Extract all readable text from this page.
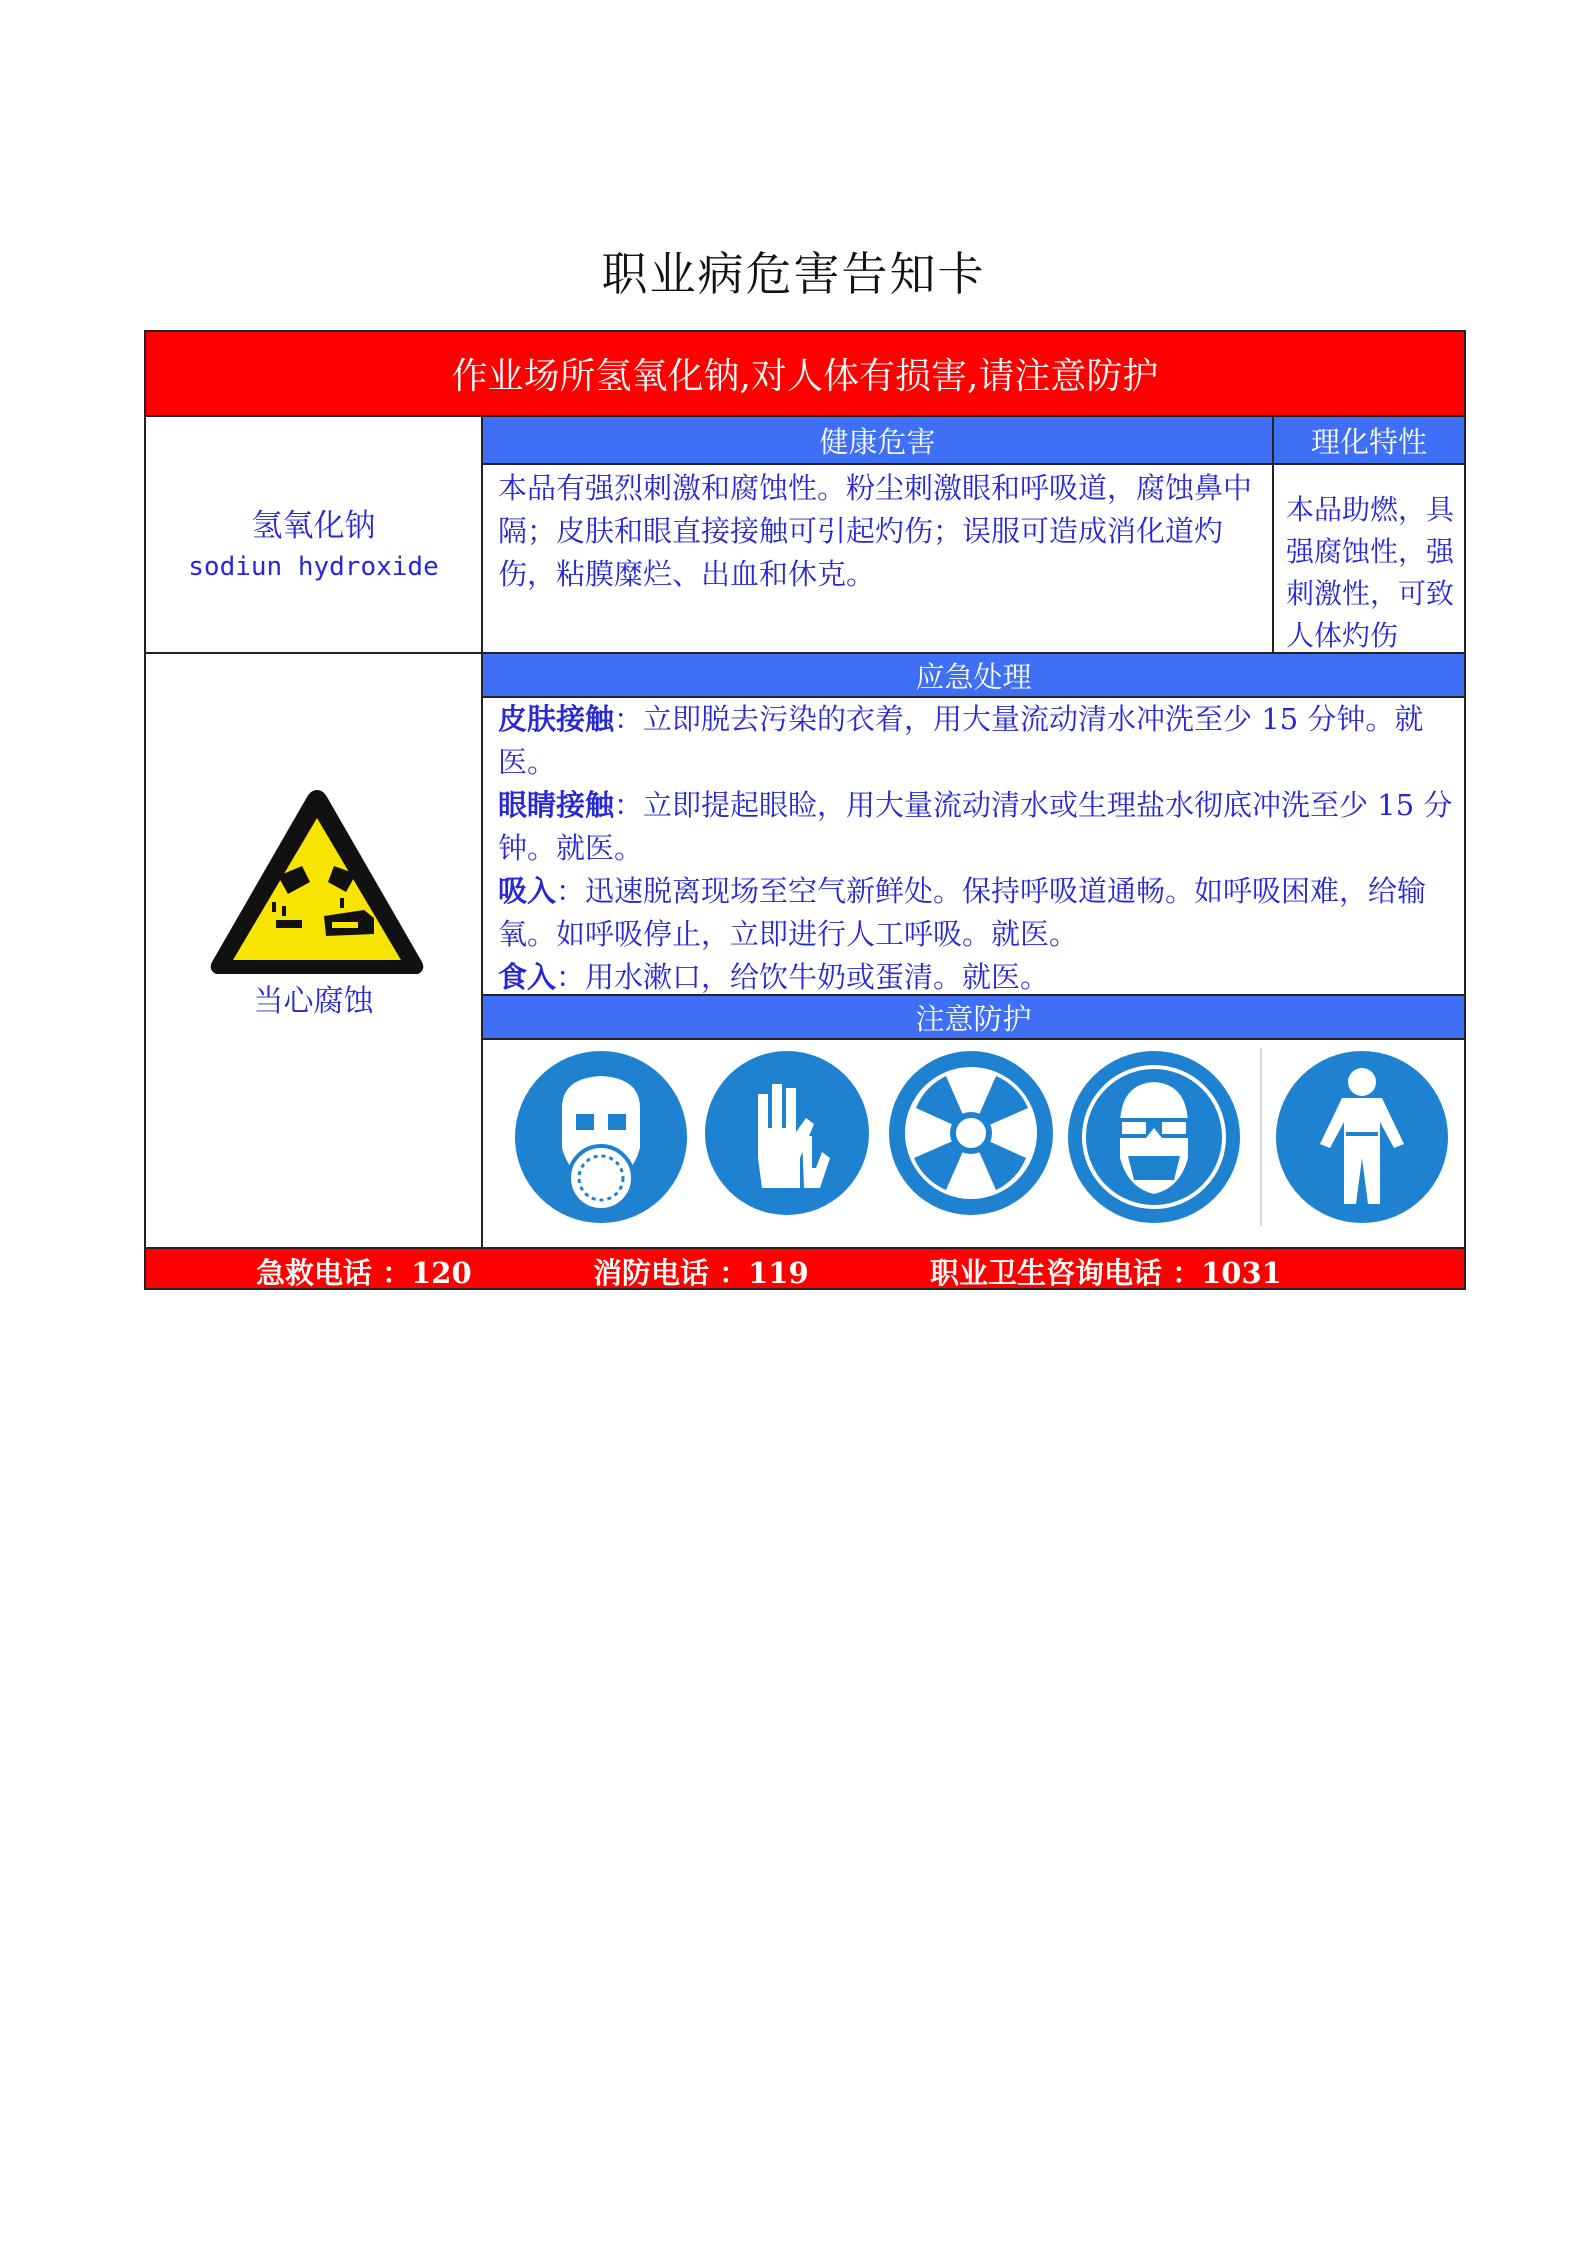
职业病危害告知卡
作业场所氢氧化钠,对人体有损害,请注意防护
氢氧化钠
sodiun hydroxide
健康危害	理化特性
本品有强烈刺激和腐蚀性。粉尘刺激眼和呼吸道，腐蚀鼻中隔；皮肤和眼直接接触可引起灼伤；误服可造成消化道灼伤，粘膜糜烂、出血和休克。
本品助燃，具强腐蚀性，强刺激性，可致人体灼伤
当心腐蚀
应急处理

皮肤接触：立即脱去污染的衣着，用大量流动清水冲洗至少 15 分钟。就医。

眼睛接触：立即提起眼睑，用大量流动清水或生理盐水彻底冲洗至少 15 分钟。就医。

吸入：迅速脱离现场至空气新鲜处。保持呼吸道通畅。如呼吸困难，给输氧。如呼吸停止，立即进行人工呼吸。就医。

食入：用水漱口，给饮牛奶或蛋清。就医。

注意防护
急救电话 ：120	消防电话 ：119	职业卫生咨询电话 ：1031
